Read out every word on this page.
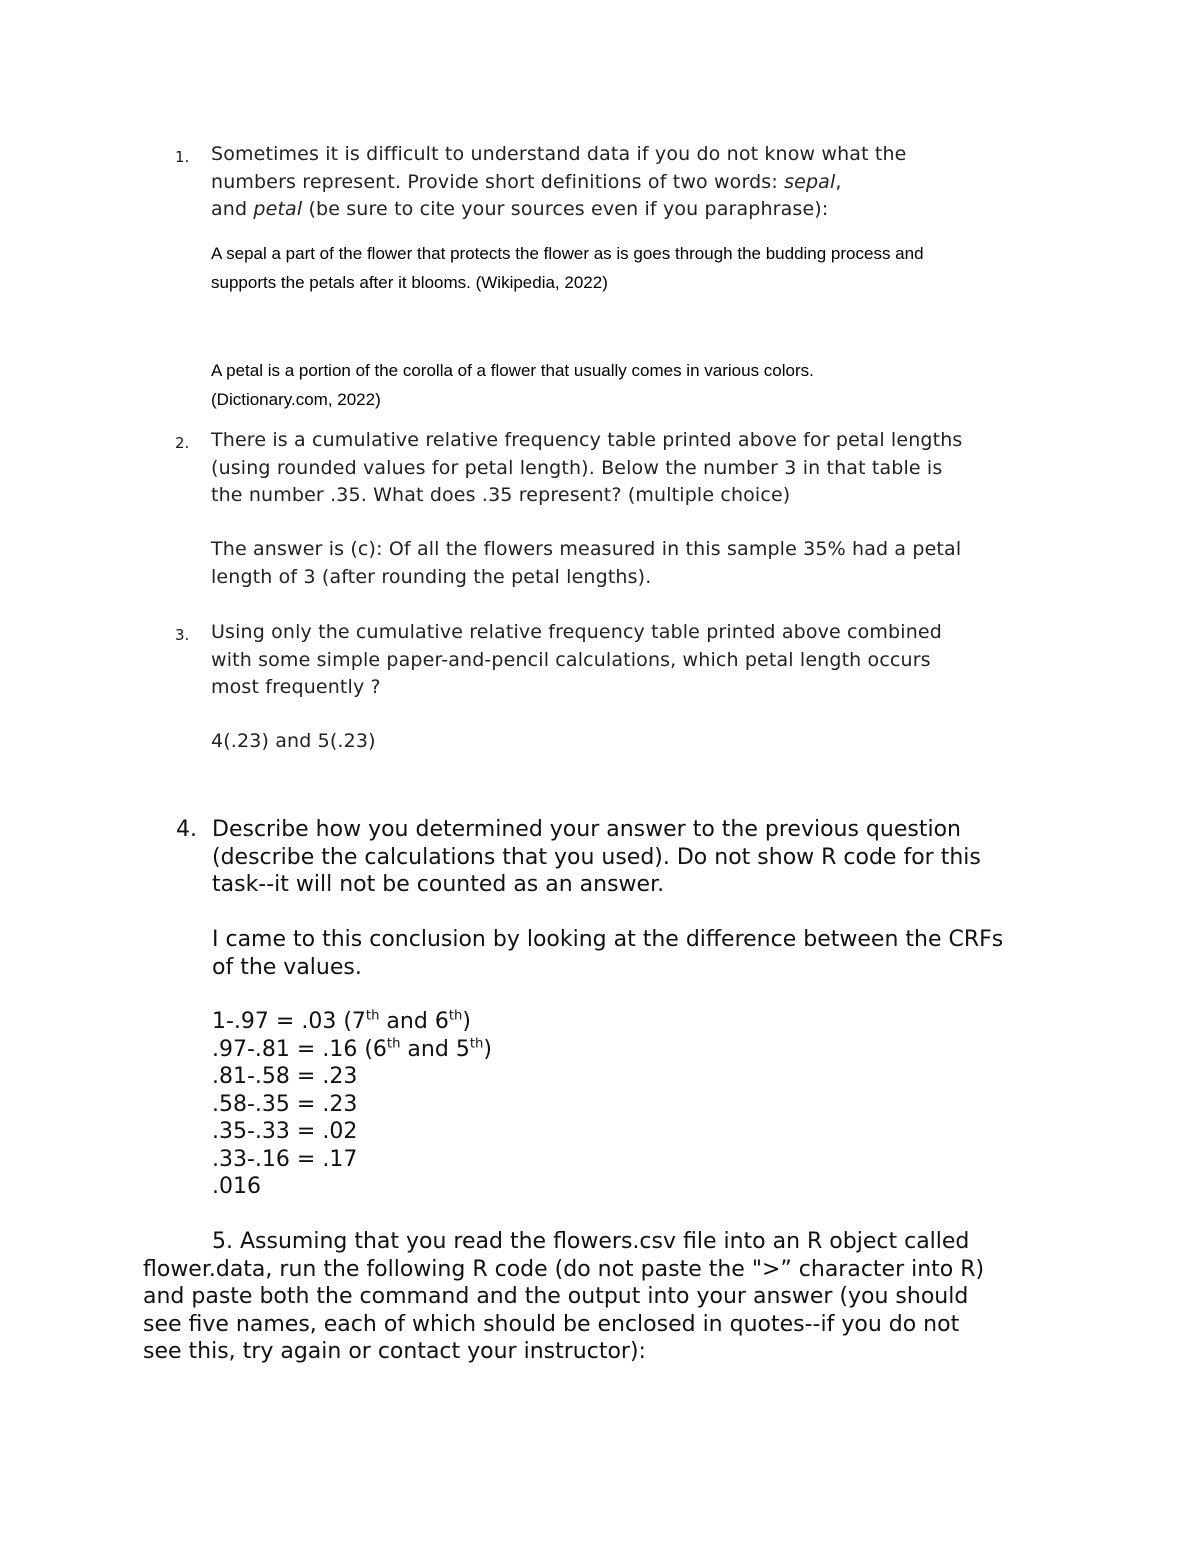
1. Sometimes it is difficult to understand data if you do not know what the
numbers represent. Provide short definitions of two words: sepal,
and petal (be sure to cite your sources even if you paraphrase):
A sepal a part of the flower that protects the flower as is goes through the budding process and
supports the petals after it blooms. (Wikipedia, 2022)
A petal is a portion of the corolla of a flower that usually comes in various colors.
(Dictionary.com, 2022)
2. There is a cumulative relative frequency table printed above for petal lengths
(using rounded values for petal length). Below the number 3 in that table is
the number .35. What does .35 represent? (multiple choice)
The answer is (c): Of all the flowers measured in this sample 35% had a petal
length of 3 (after rounding the petal lengths).
3. Using only the cumulative relative frequency table printed above combined
with some simple paper-and-pencil calculations, which petal length occurs
most frequently ?
4(.23) and 5(.23)
4. Describe how you determined your answer to the previous question
(describe the calculations that you used). Do not show R code for this
task--it will not be counted as an answer.
I came to this conclusion by looking at the difference between the CRFs
of the values.
1-.97 = .03 (7th and 6th)
.97-.81 = .16 (6th and 5th)
.81-.58 = .23
.58-.35 = .23
.35-.33 = .02
.33-.16 = .17
.016
5. Assuming that you read the flowers.csv file into an R object called
flower.data, run the following R code (do not paste the ">” character into R)
and paste both the command and the output into your answer (you should
see five names, each of which should be enclosed in quotes--if you do not
see this, try again or contact your instructor):
